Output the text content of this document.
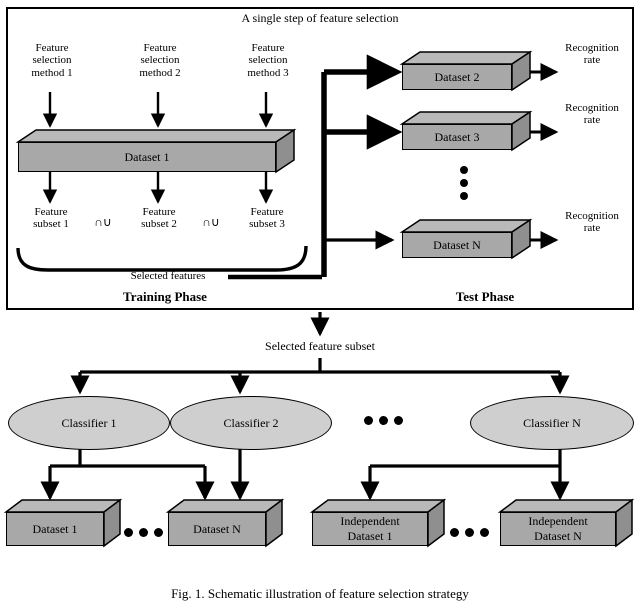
A single step of feature selection
Feature
selection
method 1
Feature
selection
method 2
Feature
selection
method 3
Dataset 1
Feature
subset 1
Feature
subset 2
Feature
subset 3
∩∪	∩∪
Selected features
Training Phase	Test Phase
Dataset 2
Dataset 3
Dataset N
Recognition
rate
Recognition
rate
Recognition
rate
Selected feature subset
Classifier 1	Classifier 2	Classifier N
Dataset 1	Dataset N
Independent
Dataset 1
Independent
Dataset N
Fig. 1. Schematic illustration of feature selection strategy
